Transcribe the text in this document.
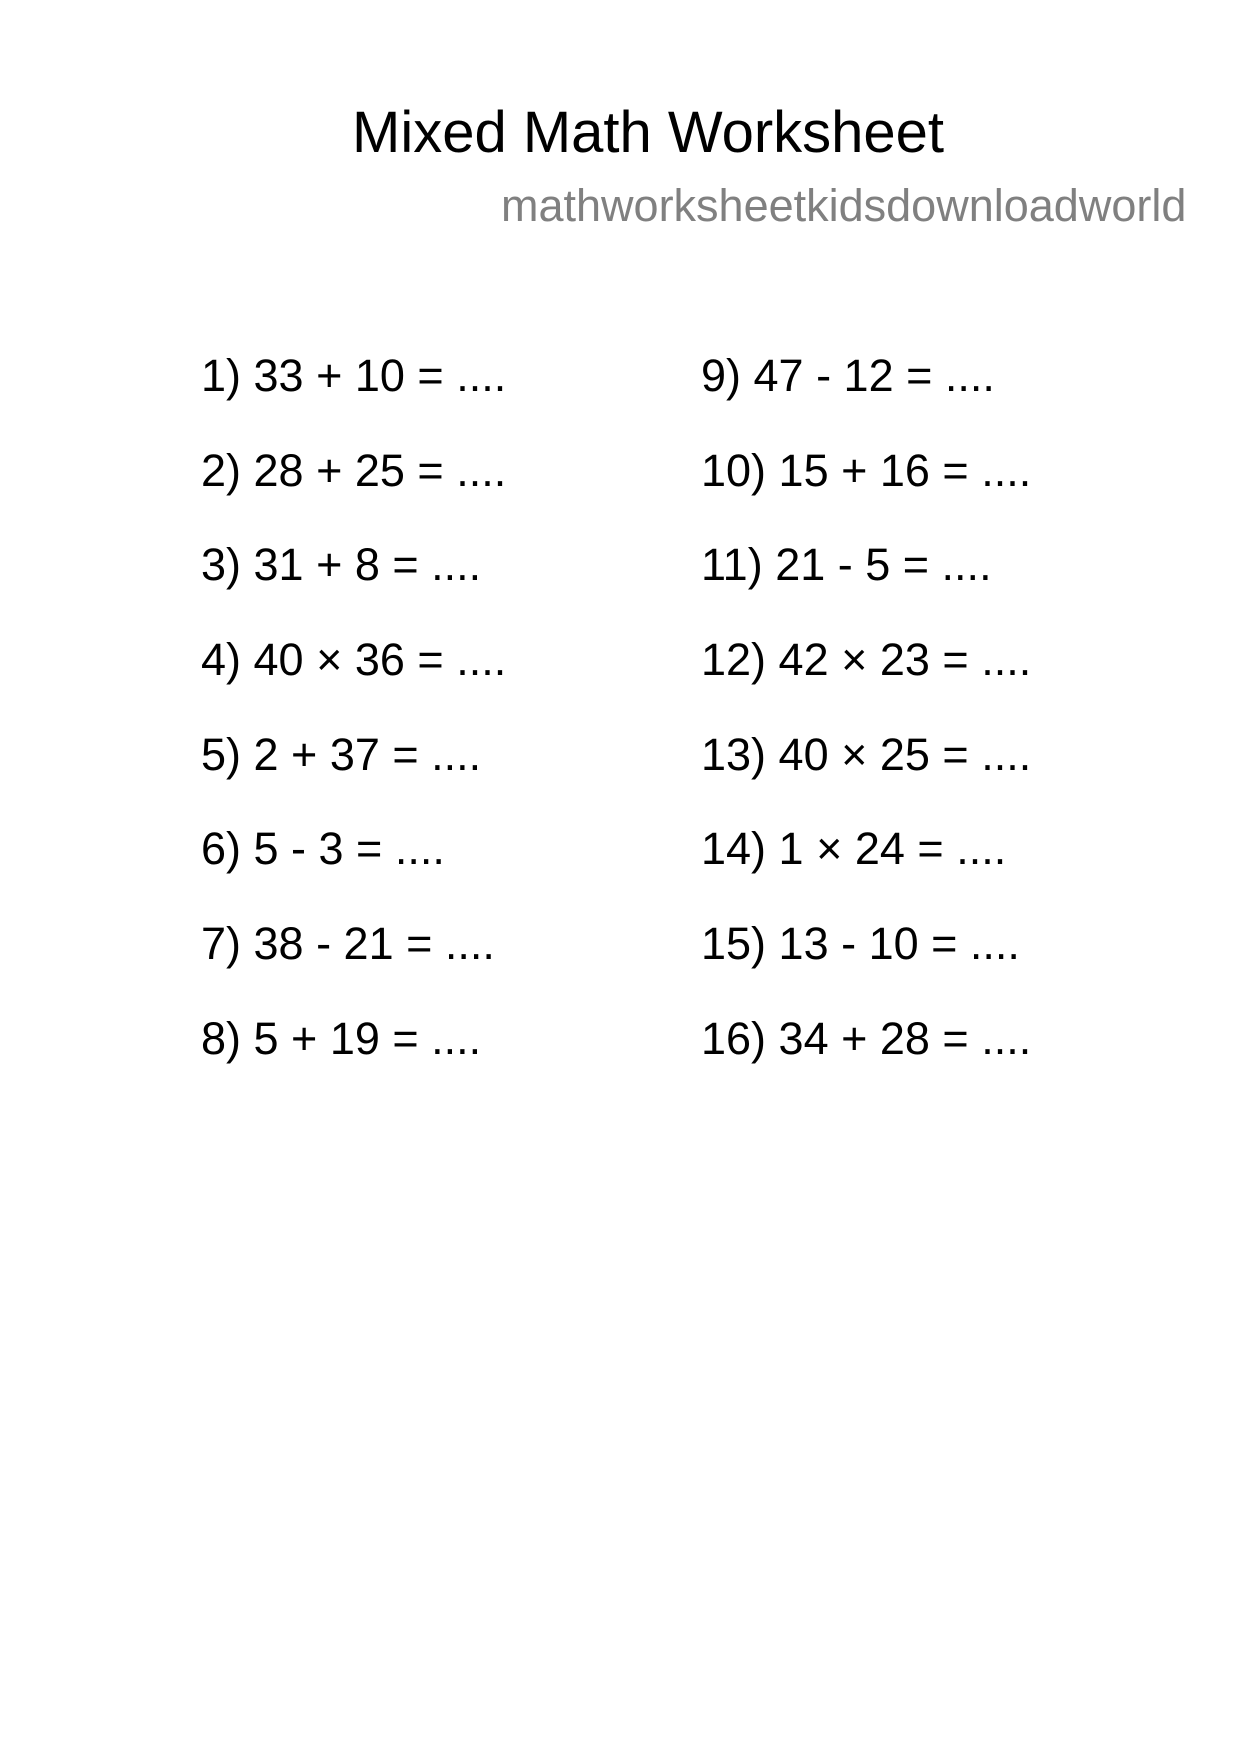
Mixed Math Worksheet
mathworksheetkidsdownloadworld
1) 33 + 10 = ....
2) 28 + 25 = ....
3) 31 + 8 = ....
4) 40 × 36 = ....
5) 2 + 37 = ....
6) 5 - 3 = ....
7) 38 - 21 = ....
8) 5 + 19 = ....
9) 47 - 12 = ....
10) 15 + 16 = ....
11) 21 - 5 = ....
12) 42 × 23 = ....
13) 40 × 25 = ....
14) 1 × 24 = ....
15) 13 - 10 = ....
16) 34 + 28 = ....
